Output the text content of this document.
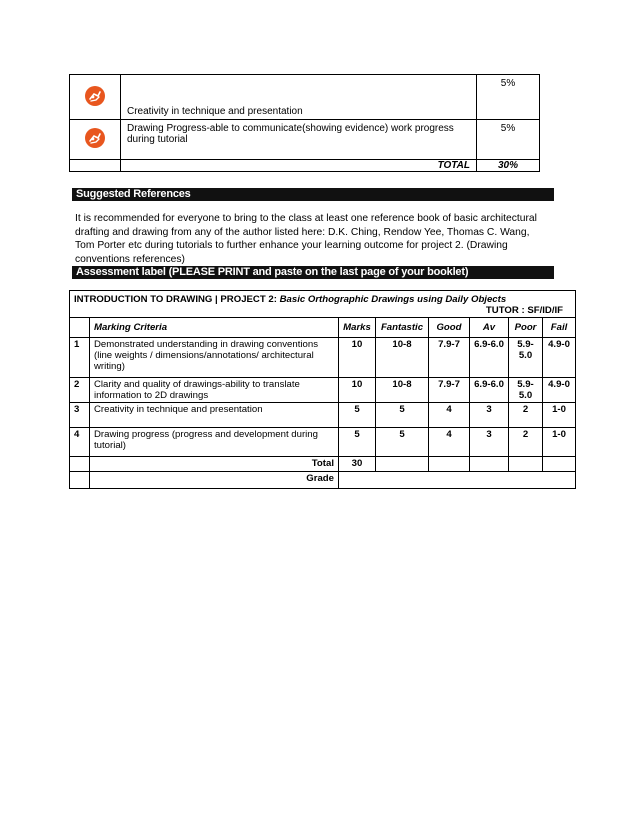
	Creativity in technique and presentation	5%

	Drawing Progress-able to communicate(showing evidence) work progress during tutorial	5%
	TOTAL	30%
Suggested References

It is recommended for everyone to bring to the class at least one reference book of basic architectural drafting and drawing from any of the author listed here: D.K. Ching, Rendow Yee, Thomas C. Wang, Tom Porter etc during tutorials to further enhance your learning outcome for project 2. (Drawing conventions references)

Assessment label (PLEASE PRINT and paste on the last page of your booklet)
INTRODUCTION TO DRAWING | PROJECT 2: Basic Orthographic Drawings using Daily Objects
TUTOR : SF/ID/IF							

	Marking Criteria	Marks	Fantastic	Good	Av	Poor	Fail
1	Demonstrated understanding in drawing conventions (line weights / dimensions/annotations/ architectural writing)	10	10-8	7.9-7	6.9-6.0	5.9-5.0	4.9-0
2	Clarity and quality of drawings-ability to translate information to 2D drawings	10	10-8	7.9-7	6.9-6.0	5.9-5.0	4.9-0
3	Creativity in technique and presentation	5	5	4	3	2	1-0
4	Drawing progress (progress and development during tutorial)	5	5	4	3	2	1-0
	Total	30					
	Grade						
